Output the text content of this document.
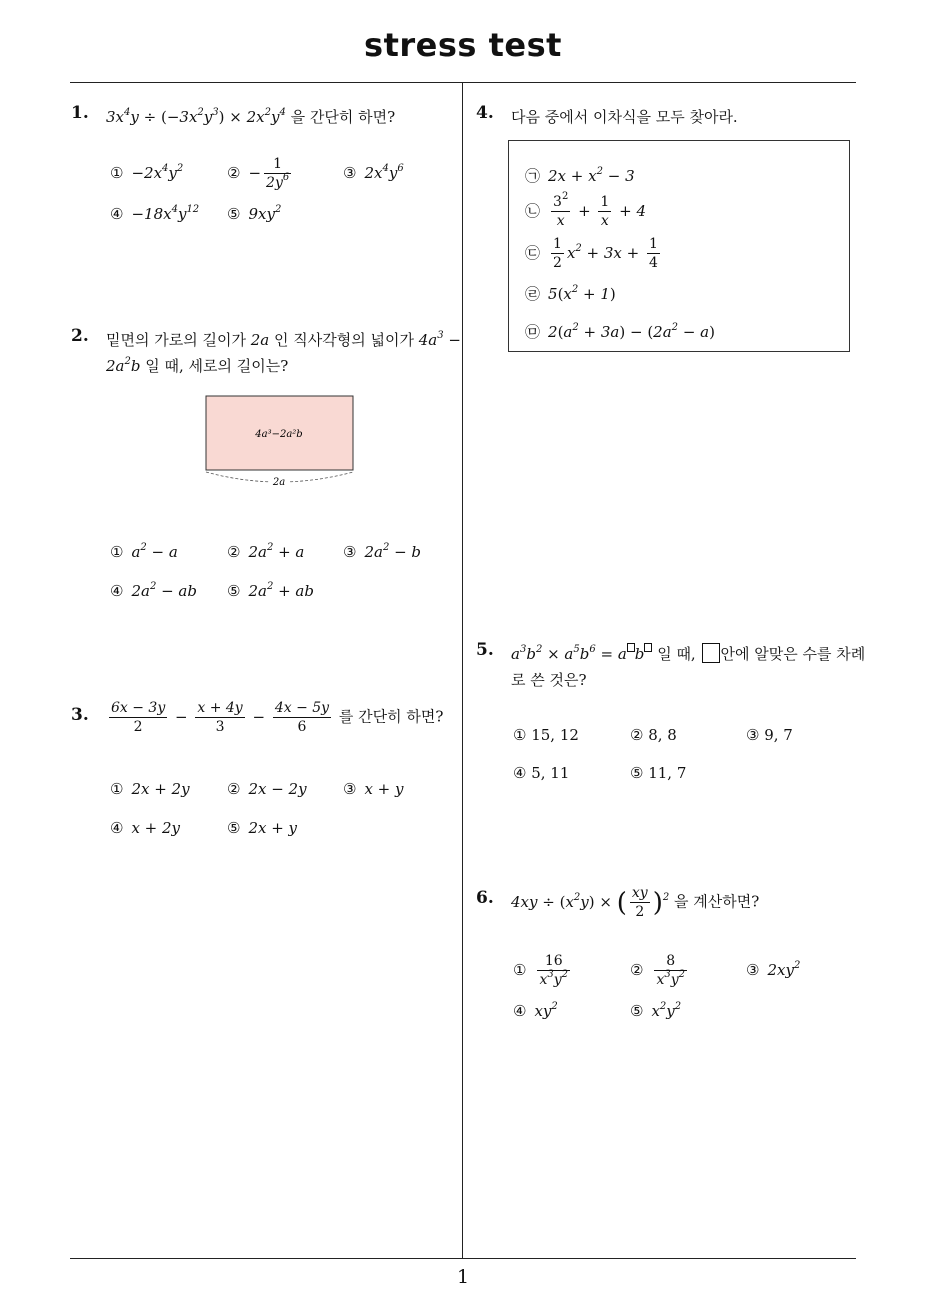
stress test
1
1. $3x^4y \div (-3x^2y^3) \times 2x^2y^4$ 을 간단히 하면?
① $-2x^4y^2$	② − $\frac{1}{2y^6}$	③ $2x^4y^6$
④ $-18x^4y^{12}$ ⑤ $9xy^2$
2. 밑면의 가로의 길이가 2a 인 직사각형의 넓이가 $4a^3$ −
$2a^2b$ 일 때, 세로의 길이는?
4a³−2a²b
2a
① $a^2 - a$	② $2a^2 + a$	③ $2a^2 - b$
④ $2a^2$ − ab ⑤ $2a^2$ + ab
3. $\frac{6x - 3y}{2} - \frac{x + 4y}{3} - \frac{4x - 5y}{6}$ 를 간단히 하면?
① 2x + 2y ② 2x − 2y ③ x + y
④ x + 2y	⑤ 2x + y
4. 다음 중에서 이차식을 모두 찾아라.
㉠ $2x + x^2 - 3$
㉡ $\frac{3^2}{x} + \frac{1}{x} + 4$
㉢ $\frac{1}{2} x^2 + 3x + \frac{1}{4}$
㉣ $5(x^2 + 1)$
㉤ $2(a^2 + 3a) - (2a^2 - a)$
5. $a^3b^2 \times a^5b^6 = a$ b 일 때, 안에 알맞은 수를 차례
로 쓴 것은?
① 15, 12	② 8, 8	③ 9, 7
④ 5, 11	⑤ 11, 7
6. $4xy \div (x^2y)$ × ( $\frac{xy}{2} )^2$ 을 계산하면?
① $\frac{16}{x^3y^2}$	② $\frac{8}{x^3y^2}$	③ $2xy^2$
④ $xy^2$	⑤ $x^2y^2$
